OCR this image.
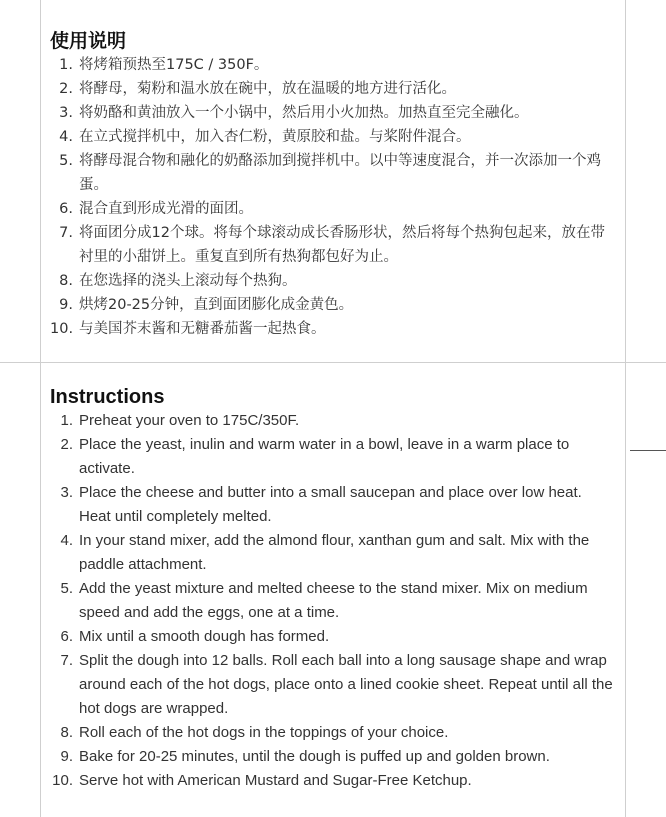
使用说明
1. 将烤箱预热至175C / 350F。
2. 将酵母，菊粉和温水放在碗中，放在温暖的地方进行活化。
3. 将奶酪和黄油放入一个小锅中，然后用小火加热。加热直至完全融化。
4. 在立式搅拌机中，加入杏仁粉，黄原胶和盐。与桨附件混合。
5. 将酵母混合物和融化的奶酪添加到搅拌机中。以中等速度混合，并一次添加一个鸡蛋。
6. 混合直到形成光滑的面团。
7. 将面团分成12个球。将每个球滚动成长香肠形状，然后将每个热狗包起来，放在带衬里的小甜饼上。重复直到所有热狗都包好为止。
8. 在您选择的浇头上滚动每个热狗。
9. 烘烤20-25分钟，直到面团膨化成金黄色。
10. 与美国芥末酱和无糖番茄酱一起热食。
Instructions
1. Preheat your oven to 175C/350F.
2. Place the yeast, inulin and warm water in a bowl, leave in a warm place to activate.
3. Place the cheese and butter into a small saucepan and place over low heat. Heat until completely melted.
4. In your stand mixer, add the almond flour, xanthan gum and salt. Mix with the paddle attachment.
5. Add the yeast mixture and melted cheese to the stand mixer. Mix on medium speed and add the eggs, one at a time.
6. Mix until a smooth dough has formed.
7. Split the dough into 12 balls. Roll each ball into a long sausage shape and wrap around each of the hot dogs, place onto a lined cookie sheet. Repeat until all the hot dogs are wrapped.
8. Roll each of the hot dogs in the toppings of your choice.
9. Bake for 20-25 minutes, until the dough is puffed up and golden brown.
10. Serve hot with American Mustard and Sugar-Free Ketchup.
